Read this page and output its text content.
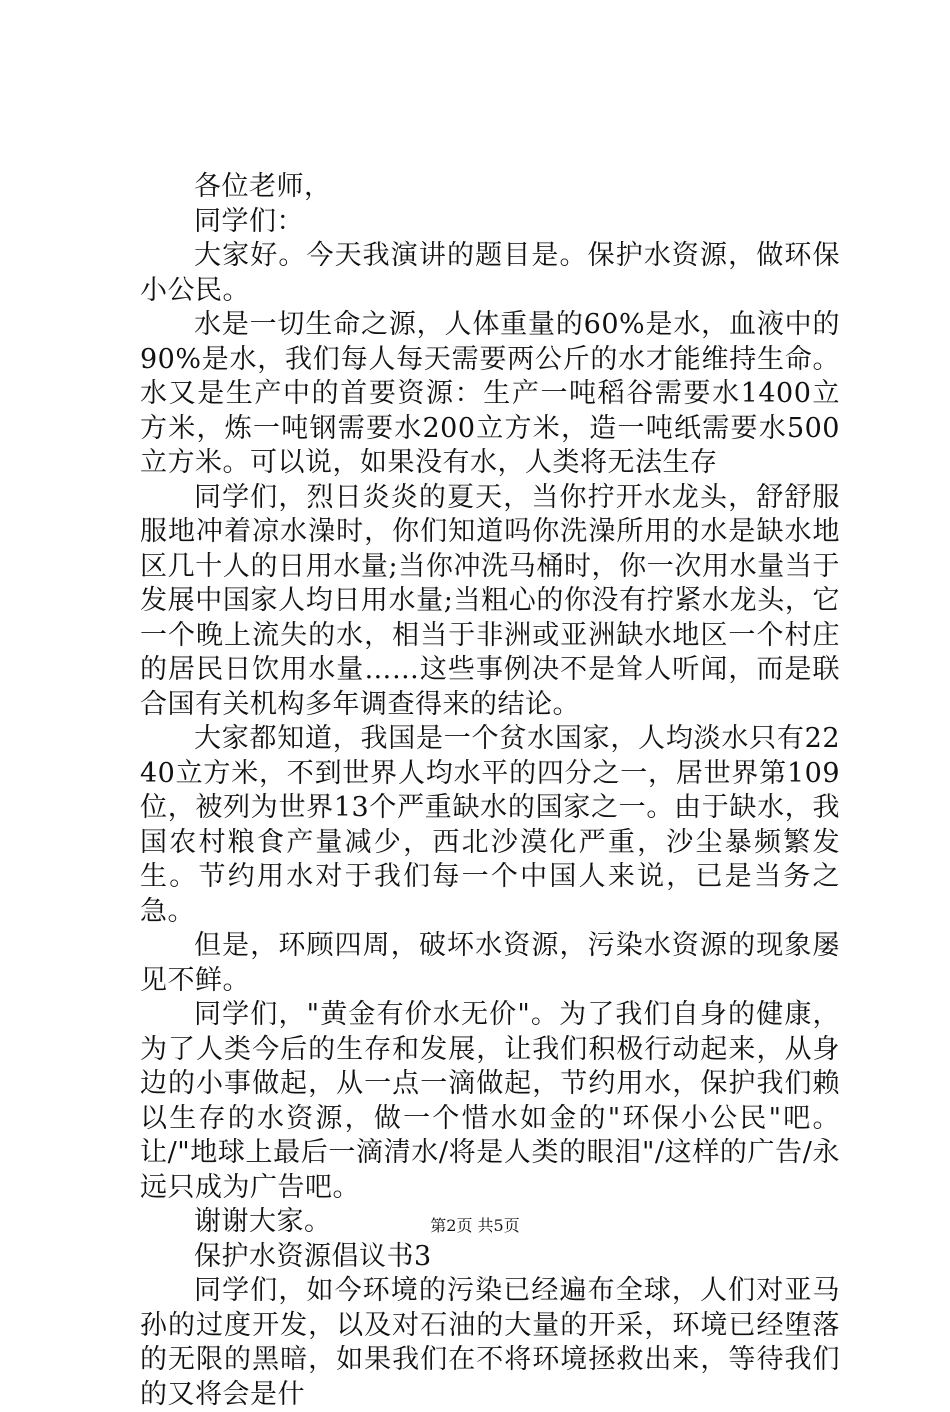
各位老师，

同学们：

大家好。今天我演讲的题目是。保护水资源，做环保小公民。

水是一切生命之源，人体重量的60%是水，血液中的90%是水，我们每人每天需要两公斤的水才能维持生命。水又是生产中的首要资源：生产一吨稻谷需要水1400立方米，炼一吨钢需要水200立方米，造一吨纸需要水500立方米。可以说，如果没有水，人类将无法生存

同学们，烈日炎炎的夏天，当你拧开水龙头，舒舒服服地冲着凉水澡时，你们知道吗你洗澡所用的水是缺水地区几十人的日用水量;当你冲洗马桶时，你一次用水量当于发展中国家人均日用水量;当粗心的你没有拧紧水龙头，它一个晚上流失的水，相当于非洲或亚洲缺水地区一个村庄的居民日饮用水量……这些事例决不是耸人听闻，而是联合国有关机构多年调查得来的结论。

大家都知道，我国是一个贫水国家，人均淡水只有2240立方米，不到世界人均水平的四分之一，居世界第109位，被列为世界13个严重缺水的国家之一。由于缺水，我国农村粮食产量减少，西北沙漠化严重，沙尘暴频繁发生。节约用水对于我们每一个中国人来说，已是当务之急。

但是，环顾四周，破坏水资源，污染水资源的现象屡见不鲜。

同学们，"黄金有价水无价"。为了我们自身的健康，为了人类今后的生存和发展，让我们积极行动起来，从身边的小事做起，从一点一滴做起，节约用水，保护我们赖以生存的水资源，做一个惜水如金的"环保小公民"吧。让/"地球上最后一滴清水/将是人类的眼泪"/这样的广告/永远只成为广告吧。

谢谢大家。

保护水资源倡议书3

同学们，如今环境的污染已经遍布全球，人们对亚马孙的过度开发，以及对石油的大量的开采，环境已经堕落的无限的黑暗，如果我们在不将环境拯救出来，等待我们的又将会是什

第2页 共5页
